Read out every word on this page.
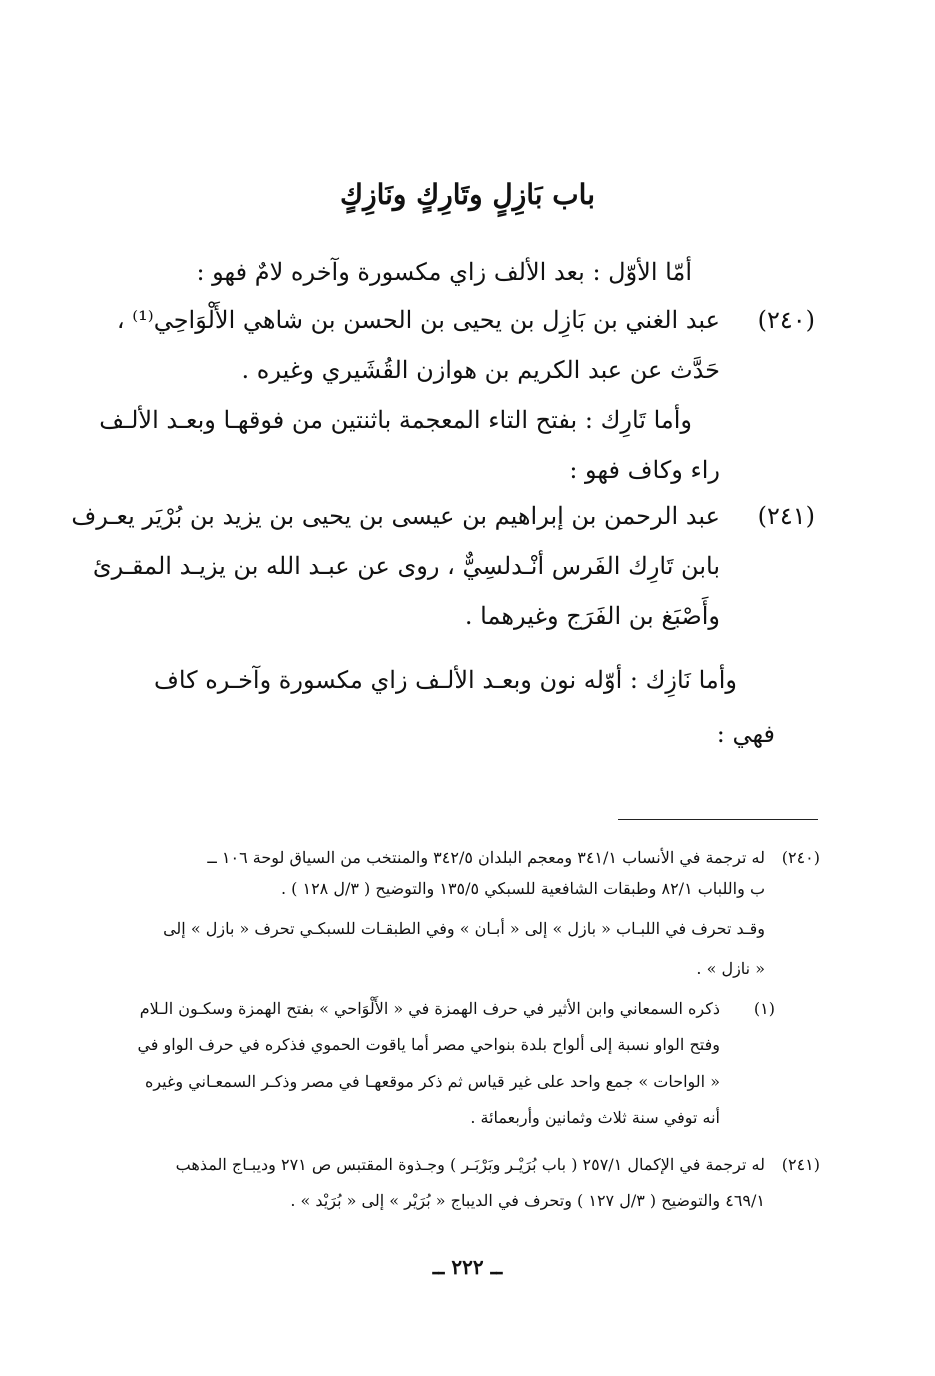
باب بَازِلٍ وتَارِكٍ ونَازِكٍ
أمّا الأوّل : بعد الألف زاي مكسورة وآخره لامٌ فهو :
(٢٤٠)
عبد الغني بن بَازِل بن يحيى بن الحسن بن شاهي الأَلْوَاحِي⁽¹⁾ ،
حَدَّث عن عبد الكريم بن هوازن القُشَيري وغيره .
وأما تَارِك : بفتح التاء المعجمة باثنتين من فوقهـا وبعـد الألـف
راء وكاف فهو :
(٢٤١)
عبد الرحمن بن إبراهيم بن عيسى بن يحيى بن يزيد بن بُرْيَر يعـرف
بابن تَارِك الفَرس أنْـدلسِيٌّ ، روى عن عبـد الله بن يزيـد المقـرئ
وأَصْبَغ بن الفَرَج وغيرهما .
وأما نَازِك : أوّله نون وبعـد الألـف زاي مكسورة وآخـره كاف
فهي :
(٢٤٠)
له ترجمة في الأنساب ٣٤١/١ ومعجم البلدان ٣٤٢/٥ والمنتخب من السياق لوحة ١٠٦ ــ
ب واللباب ٨٢/١ وطبقات الشافعية للسبكي ١٣٥/٥ والتوضيح ( ٣/ل ١٢٨ ) .
وقـد تحرف في اللبـاب « بازل » إلى « أبـان » وفي الطبقـات للسبكـي تحرف « بازل » إلى
« نازل » .
(١)
ذكره السمعاني وابن الأثير في حرف الهمزة في « الأَلْوَاحي » بفتح الهمزة وسكـون الـلام
وفتح الواو نسبة إلى ألواح بلدة بنواحي مصر أما ياقوت الحموي فذكره في حرف الواو في
« الواحات » جمع واحد على غير قياس ثم ذكر موقعهـا في مصر وذكـر السمعـاني وغيره
أنه توفي سنة ثلاث وثمانين وأربعمائة .
(٢٤١)
له ترجمة في الإكمال ٢٥٧/١ ( باب بُرَيْـر وبَرْبَـر ) وجـذوة المقتبس ص ٢٧١ وديبـاج المذهب
٤٦٩/١ والتوضيح ( ٣/ل ١٢٧ ) وتحرف في الديباج « بُرَيْر » إلى « بُرَيْد » .
ــ ٢٢٢ ــ
